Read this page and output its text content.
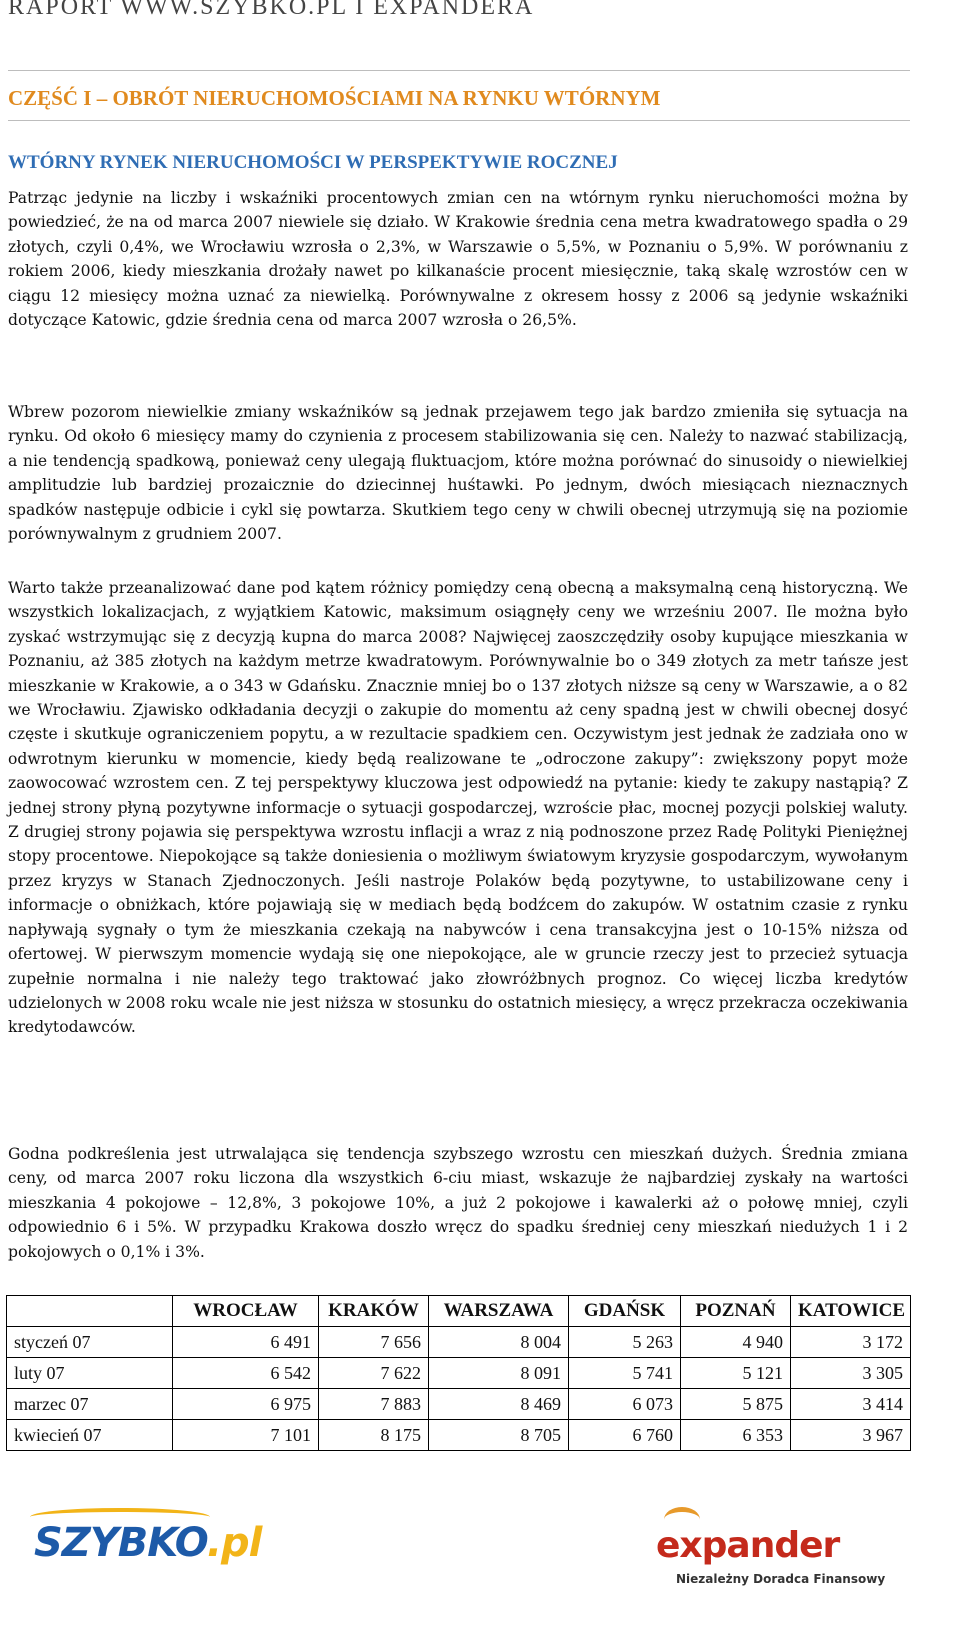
RAPORT WWW.SZYBKO.PL I EXPANDERA
CZĘŚĆ I – OBRÓT NIERUCHOMOŚCIAMI NA RYNKU WTÓRNYM
WTÓRNY RYNEK NIERUCHOMOŚCI W PERSPEKTYWIE ROCZNEJ

Patrząc jedynie na liczby i wskaźniki procentowych zmian cen na wtórnym rynku nieruchomości można by powiedzieć, że na od marca 2007 niewiele się działo. W Krakowie średnia cena metra kwadratowego spadła o 29 złotych, czyli 0,4%, we Wrocławiu wzrosła o 2,3%, w Warszawie o 5,5%, w Poznaniu o 5,9%. W porównaniu z rokiem 2006, kiedy mieszkania drożały nawet po kilkanaście procent miesięcznie, taką skalę wzrostów cen w ciągu 12 miesięcy można uznać za niewielką. Porównywalne z okresem hossy z 2006 są jedynie wskaźniki dotyczące Katowic, gdzie średnia cena od marca 2007 wzrosła o 26,5%.

Wbrew pozorom niewielkie zmiany wskaźników są jednak przejawem tego jak bardzo zmieniła się sytuacja na rynku. Od około 6 miesięcy mamy do czynienia z procesem stabilizowania się cen. Należy to nazwać stabilizacją, a nie tendencją spadkową, ponieważ ceny ulegają fluktuacjom, które można porównać do sinusoidy o niewielkiej amplitudzie lub bardziej prozaicznie do dziecinnej huśtawki. Po jednym, dwóch miesiącach nieznacznych spadków następuje odbicie i cykl się powtarza. Skutkiem tego ceny w chwili obecnej utrzymują się na poziomie porównywalnym z grudniem 2007.

Warto także przeanalizować dane pod kątem różnicy pomiędzy ceną obecną a maksymalną ceną historyczną. We wszystkich lokalizacjach, z wyjątkiem Katowic, maksimum osiągnęły ceny we wrześniu 2007. Ile można było zyskać wstrzymując się z decyzją kupna do marca 2008? Najwięcej zaoszczędziły osoby kupujące mieszkania w Poznaniu, aż 385 złotych na każdym metrze kwadratowym. Porównywalnie bo o 349 złotych za metr tańsze jest mieszkanie w Krakowie, a o 343 w Gdańsku. Znacznie mniej bo o 137 złotych niższe są ceny w Warszawie, a o 82 we Wrocławiu. Zjawisko odkładania decyzji o zakupie do momentu aż ceny spadną jest w chwili obecnej dosyć częste i skutkuje ograniczeniem popytu, a w rezultacie spadkiem cen. Oczywistym jest jednak że zadziała ono w odwrotnym kierunku w momencie, kiedy będą realizowane te „odroczone zakupy”: zwiększony popyt może zaowocować wzrostem cen. Z tej perspektywy kluczowa jest odpowiedź na pytanie: kiedy te zakupy nastąpią? Z jednej strony płyną pozytywne informacje o sytuacji gospodarczej, wzroście płac, mocnej pozycji polskiej waluty. Z drugiej strony pojawia się perspektywa wzrostu inflacji a wraz z nią podnoszone przez Radę Polityki Pieniężnej stopy procentowe. Niepokojące są także doniesienia o możliwym światowym kryzysie gospodarczym, wywołanym przez kryzys w Stanach Zjednoczonych. Jeśli nastroje Polaków będą pozytywne, to ustabilizowane ceny i informacje o obniżkach, które pojawiają się w mediach będą bodźcem do zakupów. W ostatnim czasie z rynku napływają sygnały o tym że mieszkania czekają na nabywców i cena transakcyjna jest o 10-15% niższa od ofertowej. W pierwszym momencie wydają się one niepokojące, ale w gruncie rzeczy jest to przecież sytuacja zupełnie normalna i nie należy tego traktować jako złowróżbnych prognoz. Co więcej liczba kredytów udzielonych w 2008 roku wcale nie jest niższa w stosunku do ostatnich miesięcy, a wręcz przekracza oczekiwania kredytodawców.

Godna podkreślenia jest utrwalająca się tendencja szybszego wzrostu cen mieszkań dużych. Średnia zmiana ceny, od marca 2007 roku liczona dla wszystkich 6-ciu miast, wskazuje że najbardziej zyskały na wartości mieszkania 4 pokojowe – 12,8%, 3 pokojowe 10%, a już 2 pokojowe i kawalerki aż o połowę mniej, czyli odpowiednio 6 i 5%. W przypadku Krakowa doszło wręcz do spadku średniej ceny mieszkań niedużych 1 i 2 pokojowych o 0,1% i 3%.

	WROCŁAW	KRAKÓW	WARSZAWA	GDAŃSK	POZNAŃ	KATOWICE
styczeń 07	6 491	7 656	8 004	5 263	4 940	3 172
luty 07	6 542	7 622	8 091	5 741	5 121	3 305
marzec 07	6 975	7 883	8 469	6 073	5 875	3 414
kwiecień 07	7 101	8 175	8 705	6 760	6 353	3 967
SZYBKO.pl	expander
Niezależny Doradca Finansowy
